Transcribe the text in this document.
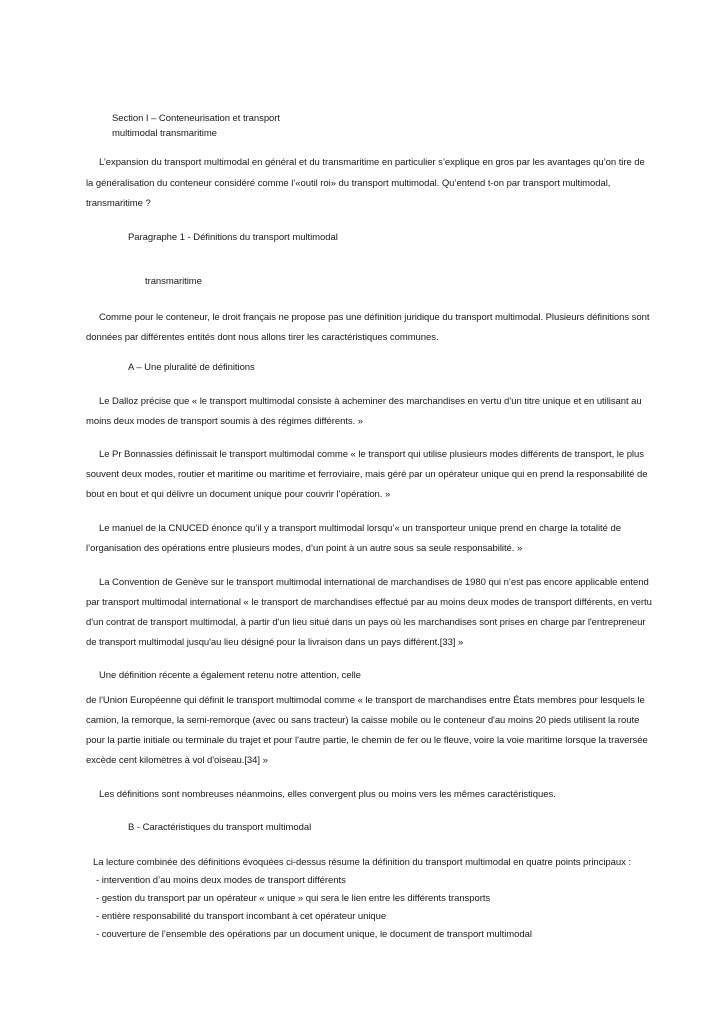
Section I – Conteneurisation et transport
multimodal transmaritime
L’expansion du transport multimodal en général et du transmaritime en particulier s’explique en gros par les avantages qu’on tire de
la généralisation du conteneur considéré comme l’«outil roi» du transport multimodal. Qu’entend t-on par transport multimodal,
transmaritime ?
Paragraphe 1 - Définitions du transport multimodal
transmaritime
Comme pour le conteneur, le droit français ne propose pas une définition juridique du transport multimodal. Plusieurs définitions sont
données par différentes entités dont nous allons tirer les caractéristiques communes.
A – Une pluralité de définitions
Le Dalloz précise que « le transport multimodal consiste à acheminer des marchandises en vertu d’un titre unique et en utilisant au
moins deux modes de transport soumis à des régimes différents. »
Le Pr Bonnassies définissait le transport multimodal comme « le transport qui utilise plusieurs modes différents de transport, le plus
souvent deux modes, routier et maritime ou maritime et ferroviaire, mais géré par un opérateur unique qui en prend la responsabilité de
bout en bout et qui délivre un document unique pour couvrir l’opération. »
Le manuel de la CNUCED énonce qu’il y a transport multimodal lorsqu’« un transporteur unique prend en charge la totalité de
l’organisation des opérations entre plusieurs modes, d’un point à un autre sous sa seule responsabilité. »
La Convention de Genève sur le transport multimodal international de marchandises de 1980 qui n’est pas encore applicable entend
par transport multimodal international « le transport de marchandises effectué par au moins deux modes de transport différents, en vertu
d'un contrat de transport multimodal, à partir d'un lieu situé dans un pays où les marchandises sont prises en charge par l'entrepreneur
de transport multimodal jusqu'au lieu désigné pour la livraison dans un pays différent.[33] »
Une définition récente a également retenu notre attention, celle
de l'Union Européenne qui définit le transport multimodal comme « le transport de marchandises entre États membres pour lesquels le
camion, la remorque, la semi-remorque (avec ou sans tracteur) la caisse mobile ou le conteneur d'au moins 20 pieds utilisent la route
pour la partie initiale ou terminale du trajet et pour l'autre partie, le chemin de fer ou le fleuve, voire la voie maritime lorsque la traversée
excède cent kilomètres à vol d'oiseau.[34] »
Les définitions sont nombreuses néanmoins, elles convergent plus ou moins vers les mêmes caractéristiques.
B - Caractéristiques du transport multimodal
La lecture combinée des définitions évoquées ci-dessus résume la définition du transport multimodal en quatre points principaux :
- intervention d’au moins deux modes de transport différents
- gestion du transport par un opérateur « unique » qui sera le lien entre les différents transports
- entière responsabilité du transport incombant à cet opérateur unique
- couverture de l’ensemble des opérations par un document unique, le document de transport multimodal
